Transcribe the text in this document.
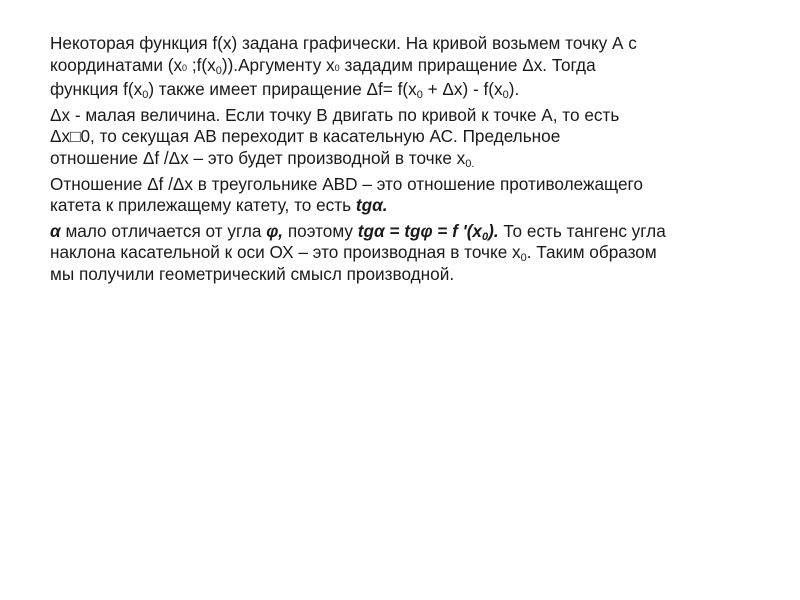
Некоторая функция f(x) задана графически. На кривой возьмем точку А с
координатами (x0 $;f(x_0)).Аргументу$ x0 зададим приращение Δx. Тогда
функция $f(x_0)$ также имеет приращение $\Delta f= f(x_0 + \Delta x) - f(x_0)$.

Δx - малая величина. Если точку В двигать по кривой к точке А, то есть
Δx□0, то секущая АВ переходит в касательную АС. Предельное
отношение Δf /Δx – это будет производной в точке $x_{0.}$

Отношение Δf /Δx в треугольнике ABD – это отношение противолежащего
катета к прилежащему катету, то есть tgα.

α мало отличается от угла φ, поэтому tgα = tgφ = f '$(x_0)$. То есть тангенс угла
наклона касательной к оси ОХ – это производная в точке $x_0$. Таким образом
мы получили геометрический смысл производной.
